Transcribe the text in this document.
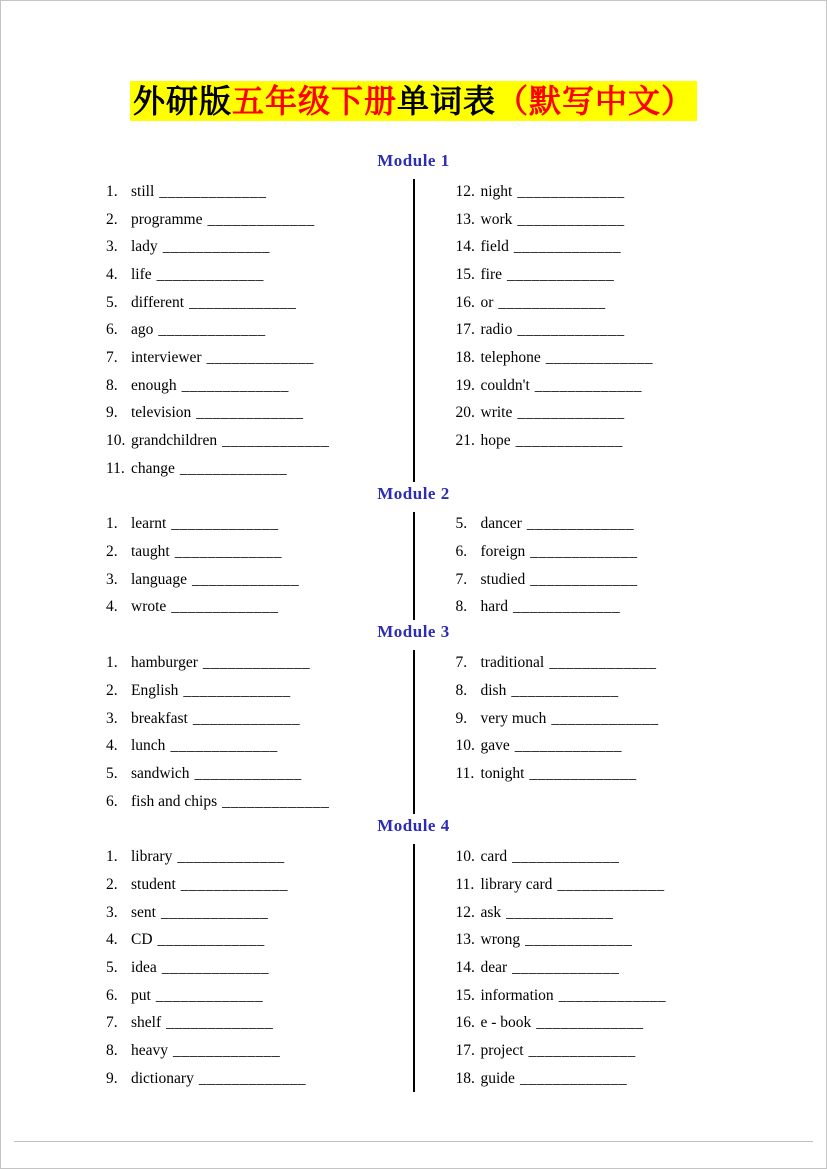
外研版五年级下册单词表（默写中文）
Module 1
1. still _____________
2. programme _____________
3. lady _____________
4. life _____________
5. different _____________
6. ago _____________
7. interviewer _____________
8. enough _____________
9. television _____________
10. grandchildren _____________
11. change _____________
12. night _____________
13. work _____________
14. field _____________
15. fire _____________
16. or _____________
17. radio _____________
18. telephone _____________
19. couldn't _____________
20. write _____________
21. hope _____________
Module 2
1. learnt _____________
2. taught _____________
3. language _____________
4. wrote _____________
5. dancer _____________
6. foreign _____________
7. studied _____________
8. hard _____________
Module 3
1. hamburger _____________
2. English _____________
3. breakfast _____________
4. lunch _____________
5. sandwich _____________
6. fish and chips _____________
7. traditional _____________
8. dish _____________
9. very much _____________
10. gave _____________
11. tonight _____________
Module 4
1. library _____________
2. student _____________
3. sent _____________
4. CD _____________
5. idea _____________
6. put _____________
7. shelf _____________
8. heavy _____________
9. dictionary _____________
10. card _____________
11. library card _____________
12. ask _____________
13. wrong _____________
14. dear _____________
15. information _____________
16. e - book _____________
17. project _____________
18. guide _____________
